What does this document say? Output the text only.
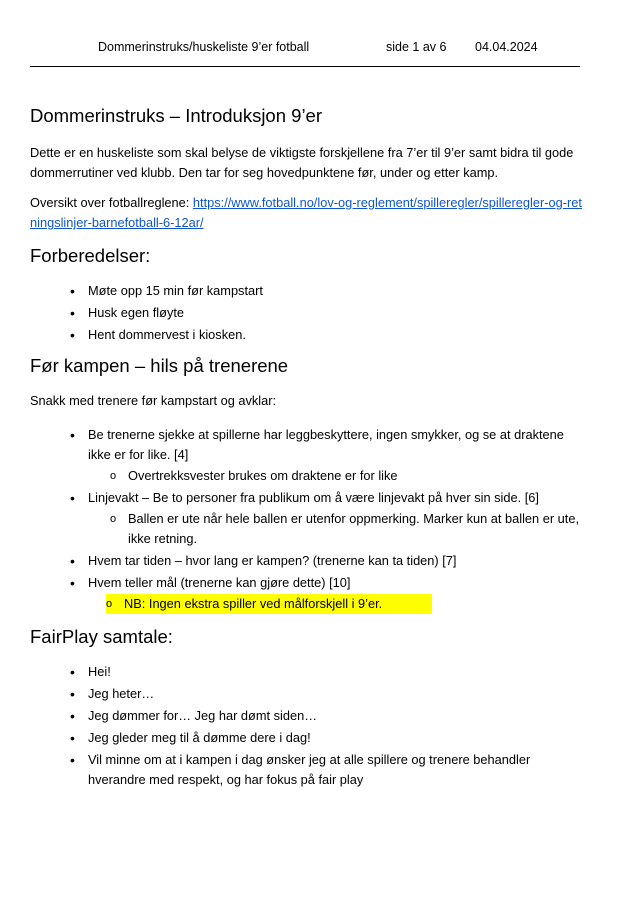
Dommerinstruks/huskeliste 9’er fotball	side 1 av 6 04.04.2024
Dommerinstruks – Introduksjon 9’er

Dette er en huskeliste som skal belyse de viktigste forskjellene fra 7’er til 9’er samt bidra til gode dommerrutiner ved klubb. Den tar for seg hovedpunktene før, under og etter kamp.

Oversikt over fotballreglene: https://www.fotball.no/lov-og-reglement/spilleregler/spilleregler-og-retningslinjer-barnefotball-6-12ar/

Forberedelser:
• Møte opp 15 min før kampstart
• Husk egen fløyte
• Hent dommervest i kiosken.
Før kampen – hils på trenerene

Snakk med trenere før kampstart og avklar:

• Be trenerne sjekke at spillerne har leggbeskyttere, ingen smykker, og se at draktene ikke er for like. [4]
o Overtrekksvester brukes om draktene er for like
• Linjevakt – Be to personer fra publikum om å være linjevakt på hver sin side. [6]
o Ballen er ute når hele ballen er utenfor oppmerking. Marker kun at ballen er ute, ikke retning.
• Hvem tar tiden – hvor lang er kampen? (trenerne kan ta tiden) [7]
• Hvem teller mål (trenerne kan gjøre dette) [10]
o NB: Ingen ekstra spiller ved målforskjell i 9’er.
FairPlay samtale:
• Hei!
• Jeg heter…
• Jeg dømmer for… Jeg har dømt siden…
• Jeg gleder meg til å dømme dere i dag!
• Vil minne om at i kampen i dag ønsker jeg at alle spillere og trenere behandler hverandre med respekt, og har fokus på fair play
